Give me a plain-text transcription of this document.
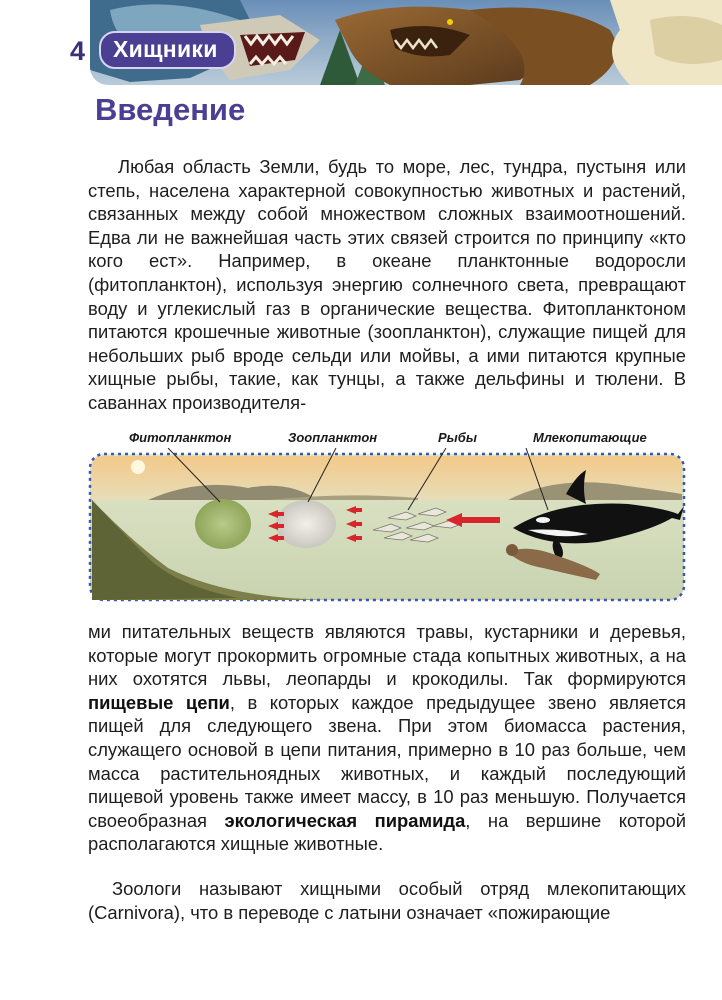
4	Хищники
Введение

Любая область Земли, будь то море, лес, тундра, пустыня или степь, населена характерной совокупностью животных и растений, связанных между собой множеством сложных взаимоотношений. Едва ли не важнейшая часть этих связей строится по принципу «кто кого ест». Например, в океане планктонные водоросли (фитопланктон), используя энергию солнечного света, превращают воду и углекислый газ в органические вещества. Фитопланктоном питаются крошечные животные (зоопланктон), служащие пищей для небольших рыб вроде сельди или мойвы, а ими питаются крупные хищные рыбы, такие, как тунцы, а также дельфины и тюлени. В саваннах производителя-

Фитопланктон	Зоопланктон	Рыбы	Млекопитающие

ми питательных веществ являются травы, кустарники и деревья, которые могут прокормить огромные стада копытных животных, а на них охотятся львы, леопарды и крокодилы. Так формируются пищевые цепи, в которых каждое предыдущее звено является пищей для следующего звена. При этом биомасса растения, служащего основой в цепи питания, примерно в 10 раз больше, чем масса растительноядных животных, и каждый последующий пищевой уровень также имеет массу, в 10 раз меньшую. Получается своеобразная экологическая пирамида, на вершине которой располагаются хищные животные.

Зоологи называют хищными особый отряд млекопитающих (Carnivora), что в переводе с латыни означает «пожирающие
